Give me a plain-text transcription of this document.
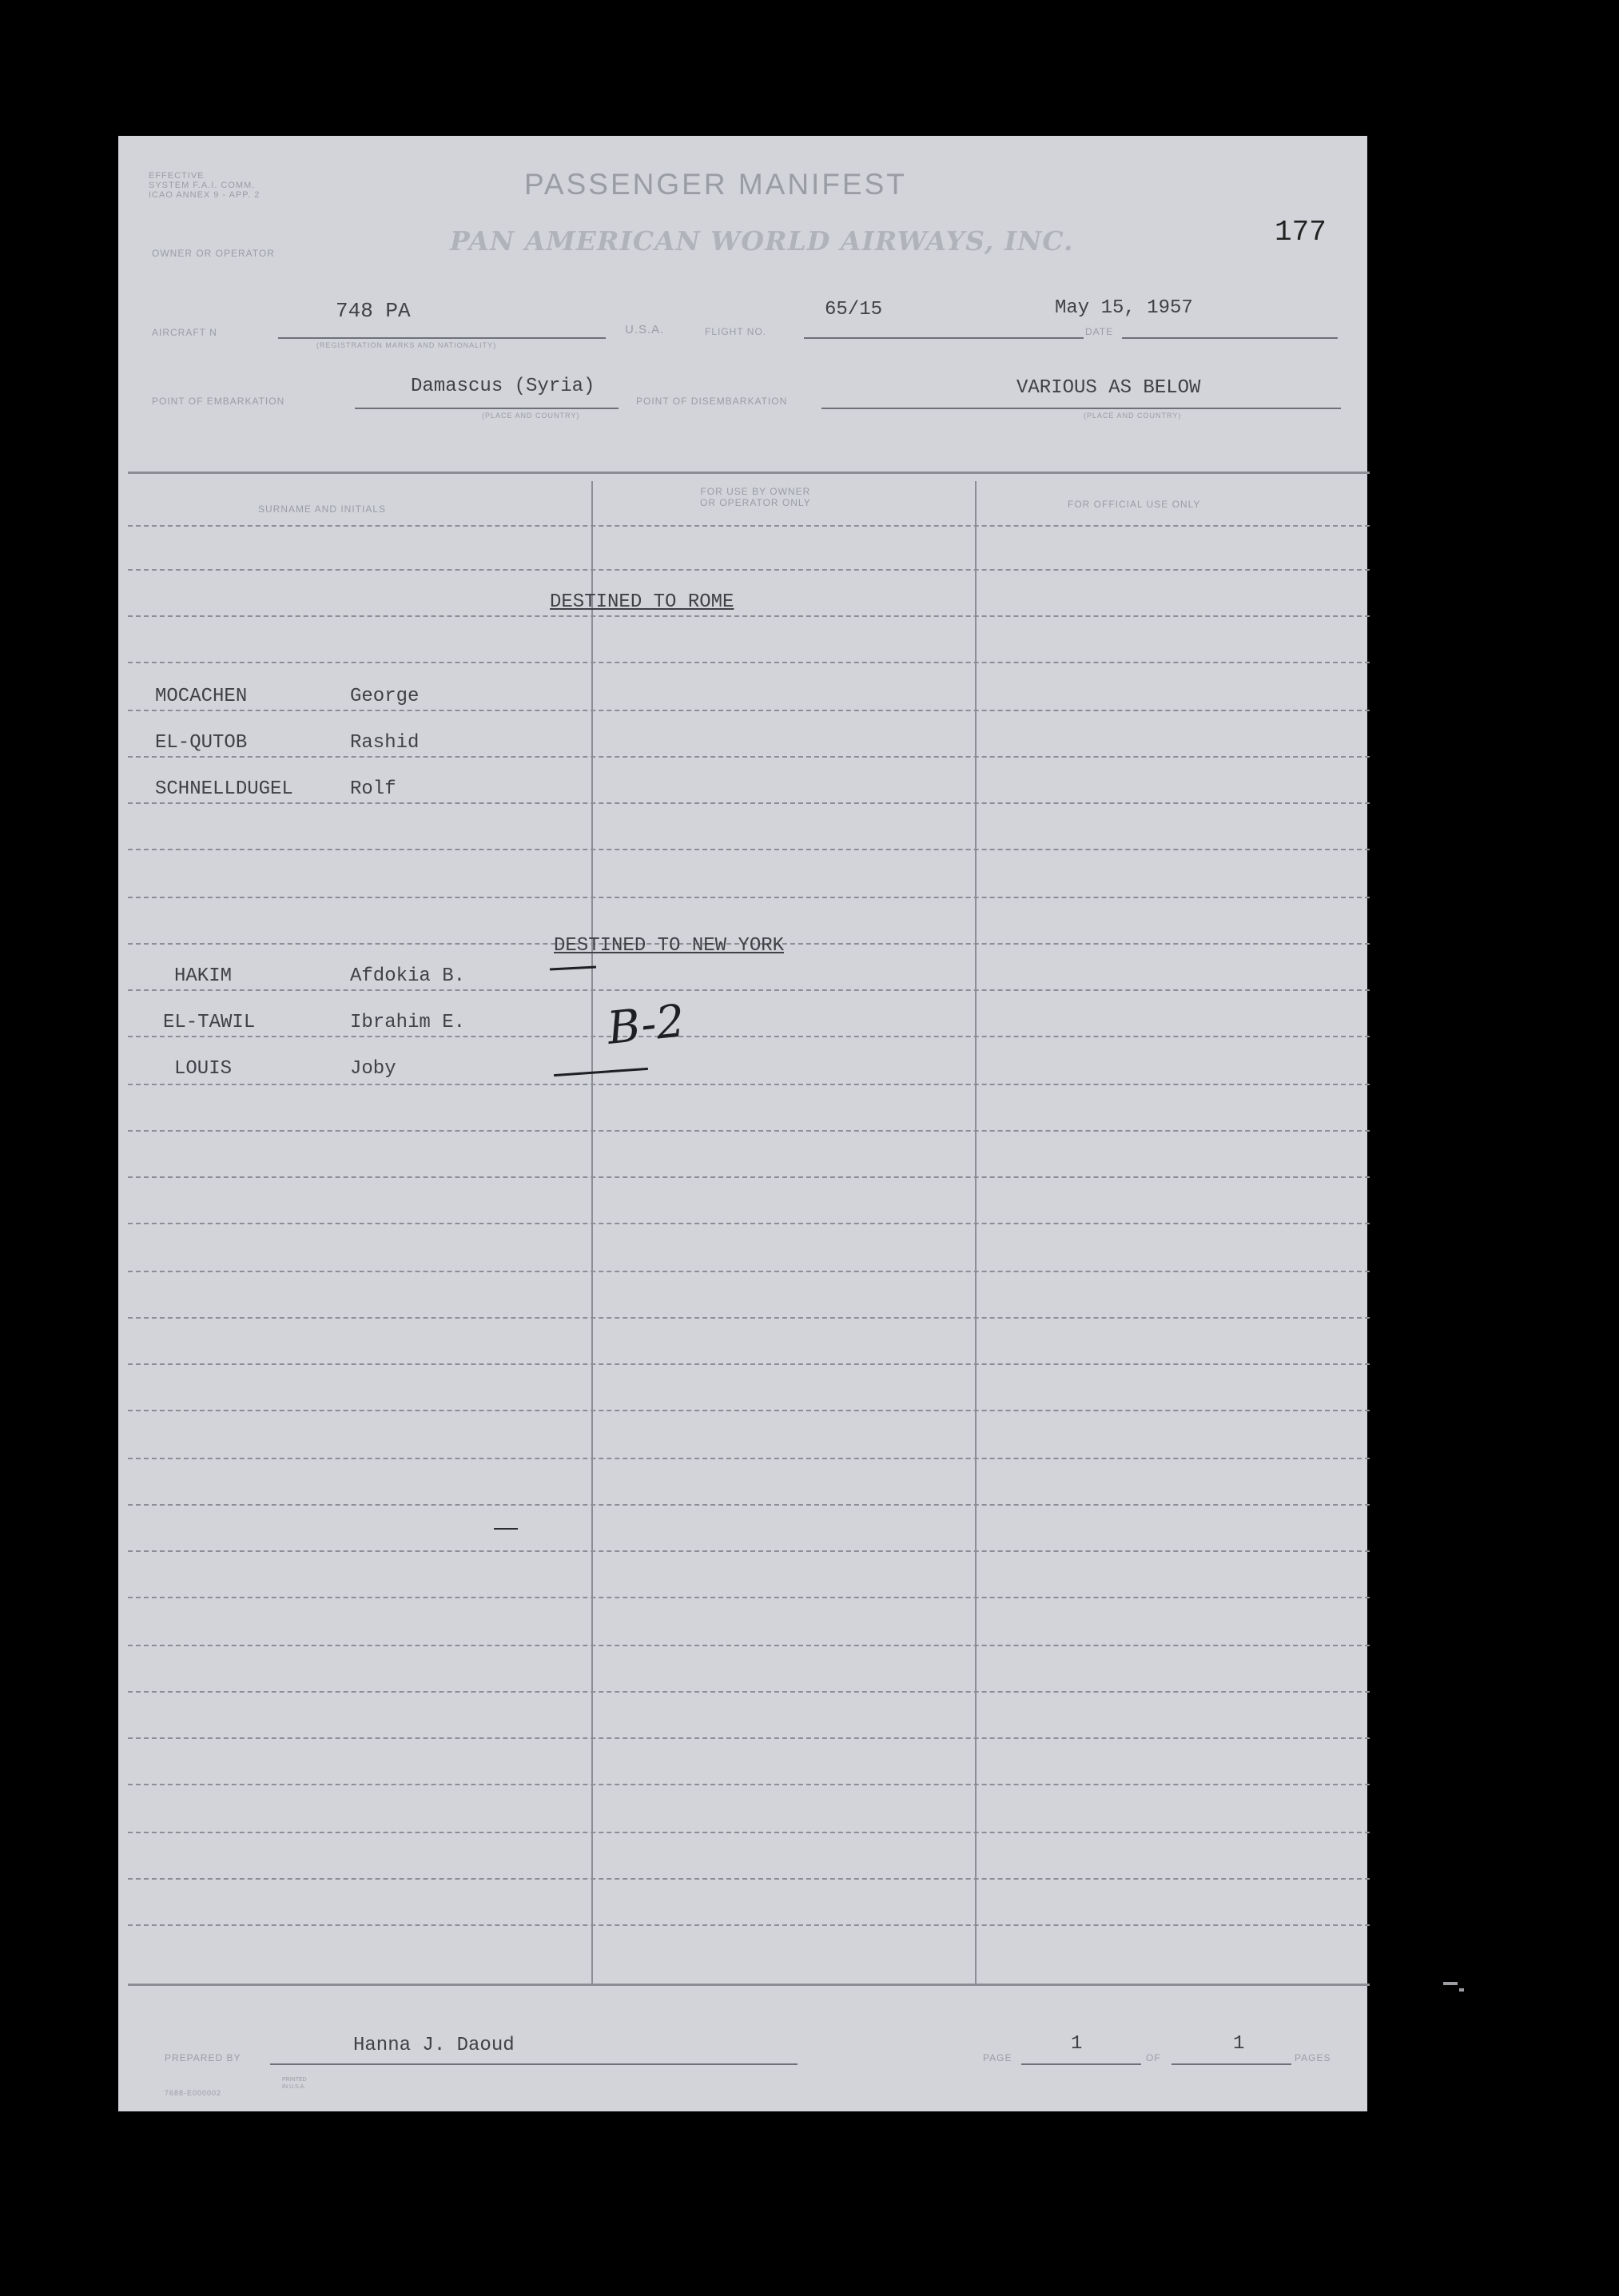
EFFECTIVE
SYSTEM F.A.I. COMM.
ICAO ANNEX 9 - APP. 2	PASSENGER MANIFEST
OWNER OR OPERATOR	PAN AMERICAN WORLD AIRWAYS, INC.	177
AIRCRAFT N
748 PA
(REGISTRATION MARKS AND NATIONALITY)
U.S.A.	FLIGHT NO.
65/15
DATE
May 15, 1957
POINT OF EMBARKATION
Damascus (Syria)
(PLACE AND COUNTRY)
POINT OF DISEMBARKATION
VARIOUS AS BELOW
(PLACE AND COUNTRY)
SURNAME AND INITIALS
FOR USE BY OWNER
OR OPERATOR ONLY	FOR OFFICIAL USE ONLY
DESTINED TO ROME
MOCACHEN	George
EL-QUTOB	Rashid
SCHNELLDUGEL	Rolf
DESTINED TO NEW YORK
HAKIM	Afdokia B.
EL-TAWIL	Ibrahim E.
LOUIS	Joby
B-2
PREPARED BY
Hanna J. Daoud
PAGE
1
OF
1
PAGES
7688-E000002
PRINTED IN U.S.A.
